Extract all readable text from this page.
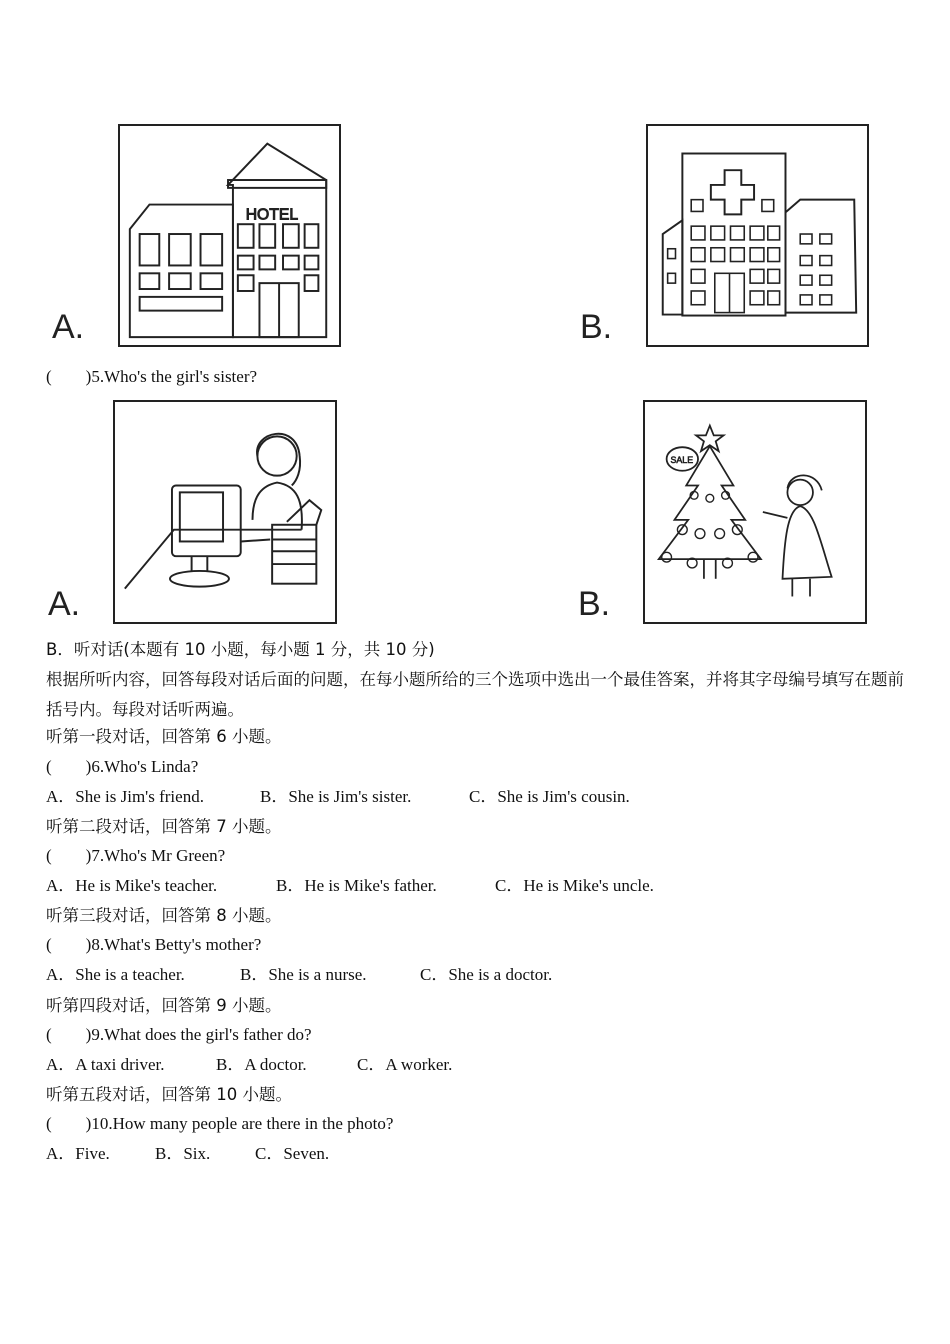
A.
HOTEL
B.
(　　)5.Who's the girl's sister?
A.	B.
SALE
B．听对话(本题有 10 小题，每小题 1 分，共 10 分)
根据所听内容，回答每段对话后面的问题，在每小题所给的三个选项中选出一个最佳答案，并将其字母编号填写在题前括号内。每段对话听两遍。
听第一段对话，回答第 6 小题。
(　　)6.Who's Linda?
A．She is Jim's friend.	B．She is Jim's sister.	C．She is Jim's cousin.
听第二段对话，回答第 7 小题。
(　　)7.Who's Mr Green?
A．He is Mike's teacher.	B．He is Mike's father.	C．He is Mike's uncle.
听第三段对话，回答第 8 小题。
(　　)8.What's Betty's mother?
A．She is a teacher.	B．She is a nurse.	C．She is a doctor.
听第四段对话，回答第 9 小题。
(　　)9.What does the girl's father do?
A．A taxi driver.	B．A doctor.	C．A worker.
听第五段对话，回答第 10 小题。
(　　)10.How many people are there in the photo?
A．Five.	B．Six.	C．Seven.
